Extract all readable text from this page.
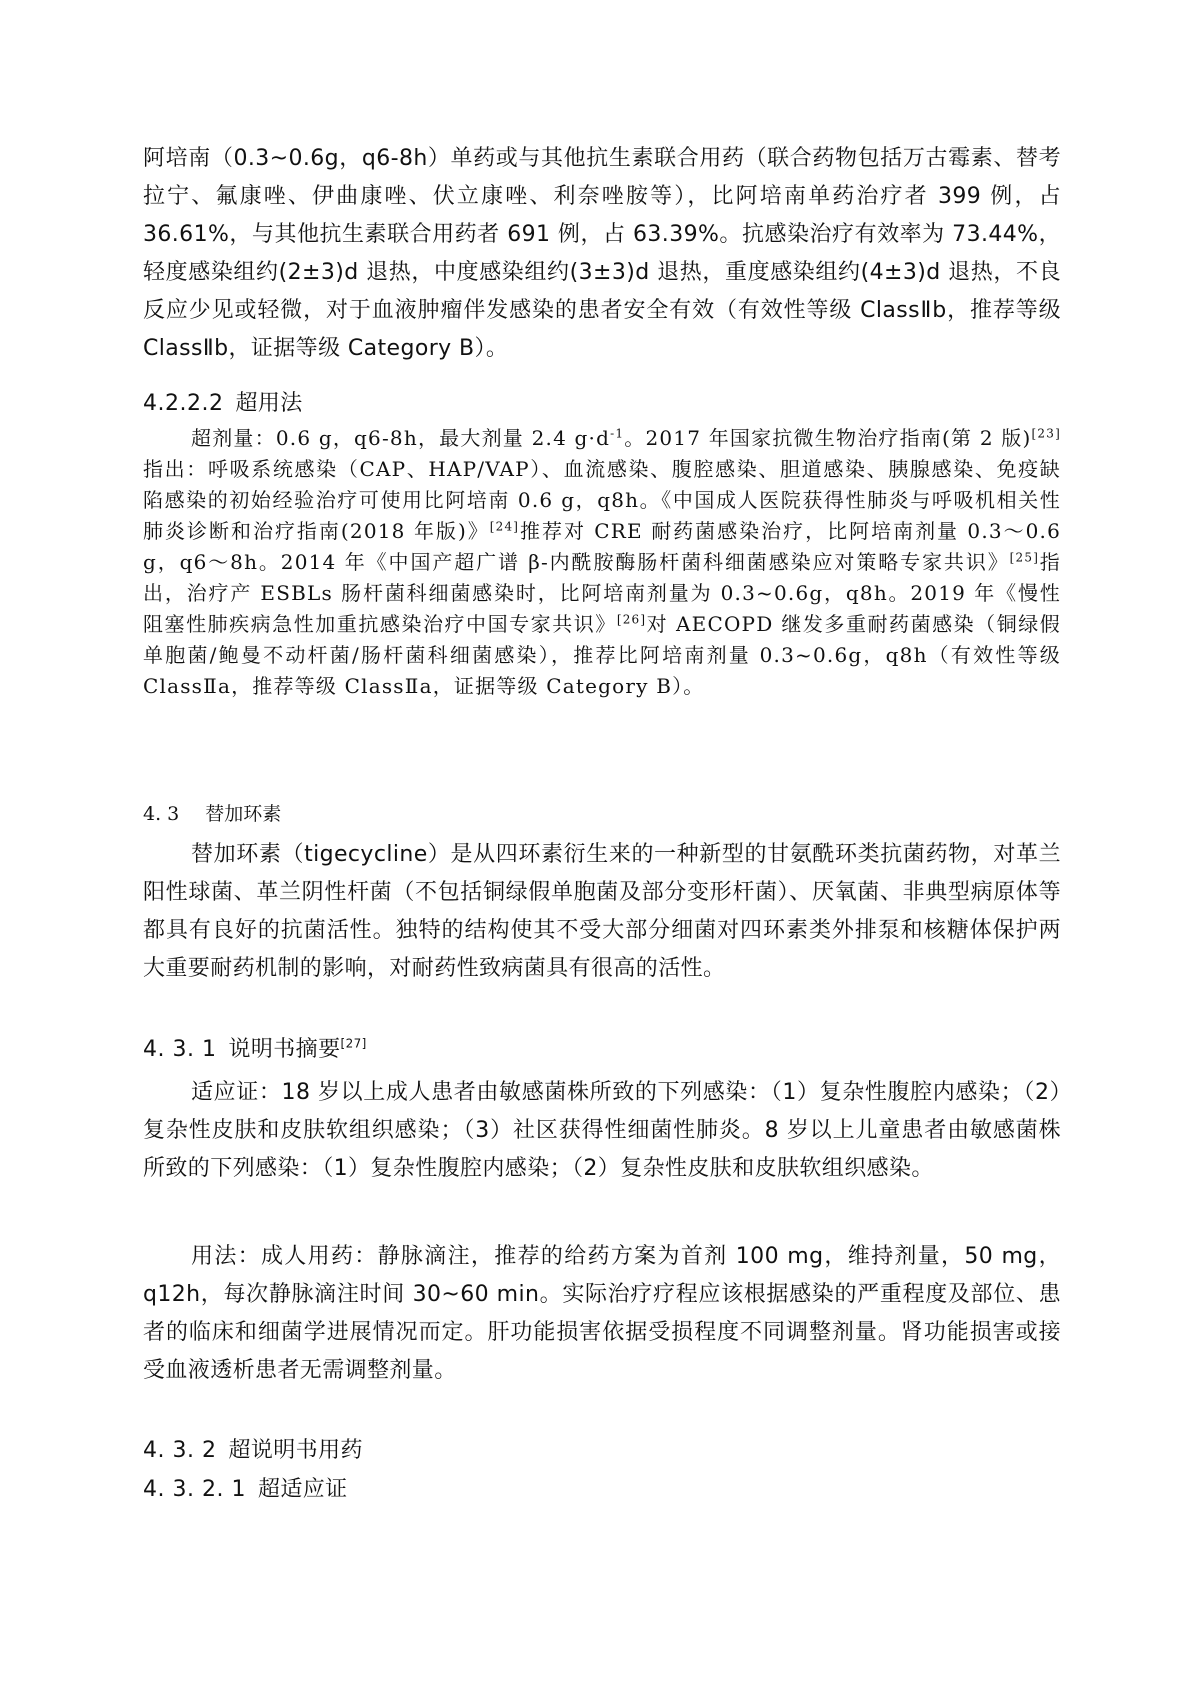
阿培南（0.3~0.6g，q6-8h）单药或与其他抗生素联合用药（联合药物包括万古霉素、替考拉宁、氟康唑、伊曲康唑、伏立康唑、利奈唑胺等），比阿培南单药治疗者 399 例，占 36.61%，与其他抗生素联合用药者 691 例，占 63.39%。抗感染治疗有效率为 73.44%，轻度感染组约(2±3)d 退热，中度感染组约(3±3)d 退热，重度感染组约(4±3)d 退热，不良反应少见或轻微，对于血液肿瘤伴发感染的患者安全有效（有效性等级 ClassⅡb，推荐等级 ClassⅡb，证据等级 Category B）。

4.2.2.2 超用法

超剂量：0.6 g，q6-8h，最大剂量 2.4 $g\cdot d^{-1}$。2017 年国家抗微生物治疗指南(第 2 版)[23] 指出：呼吸系统感染（CAP、HAP/VAP）、血流感染、腹腔感染、胆道感染、胰腺感染、免疫缺陷感染的初始经验治疗可使用比阿培南 0.6 g，q8h。《中国成人医院获得性肺炎与呼吸机相关性肺炎诊断和治疗指南(2018 年版)》[24]推荐对 CRE 耐药菌感染治疗，比阿培南剂量 0.3～0.6 g，q6～8h。2014 年《中国产超广谱 β-内酰胺酶肠杆菌科细菌感染应对策略专家共识》[25]指出，治疗产 ESBLs 肠杆菌科细菌感染时，比阿培南剂量为 0.3~0.6g，q8h。2019 年《慢性阻塞性肺疾病急性加重抗感染治疗中国专家共识》[26]对 AECOPD 继发多重耐药菌感染（铜绿假单胞菌/鲍曼不动杆菌/肠杆菌科细菌感染），推荐比阿培南剂量 0.3~0.6g，q8h（有效性等级 ClassⅡa，推荐等级 ClassⅡa，证据等级 Category B）。

4. 3 替加环素

替加环素（tigecycline）是从四环素衍生来的一种新型的甘氨酰环类抗菌药物，对革兰阳性球菌、革兰阴性杆菌（不包括铜绿假单胞菌及部分变形杆菌）、厌氧菌、非典型病原体等都具有良好的抗菌活性。独特的结构使其不受大部分细菌对四环素类外排泵和核糖体保护两大重要耐药机制的影响，对耐药性致病菌具有很高的活性。

4. 3. 1 说明书摘要[27]

适应证：18 岁以上成人患者由敏感菌株所致的下列感染：（1）复杂性腹腔内感染；（2）复杂性皮肤和皮肤软组织感染；（3）社区获得性细菌性肺炎。8 岁以上儿童患者由敏感菌株所致的下列感染：（1）复杂性腹腔内感染；（2）复杂性皮肤和皮肤软组织感染。

用法：成人用药：静脉滴注，推荐的给药方案为首剂 100 mg，维持剂量，50 mg，q12h，每次静脉滴注时间 30~60 min。实际治疗疗程应该根据感染的严重程度及部位、患者的临床和细菌学进展情况而定。肝功能损害依据受损程度不同调整剂量。肾功能损害或接受血液透析患者无需调整剂量。

4. 3. 2 超说明书用药
4. 3. 2. 1 超适应证
